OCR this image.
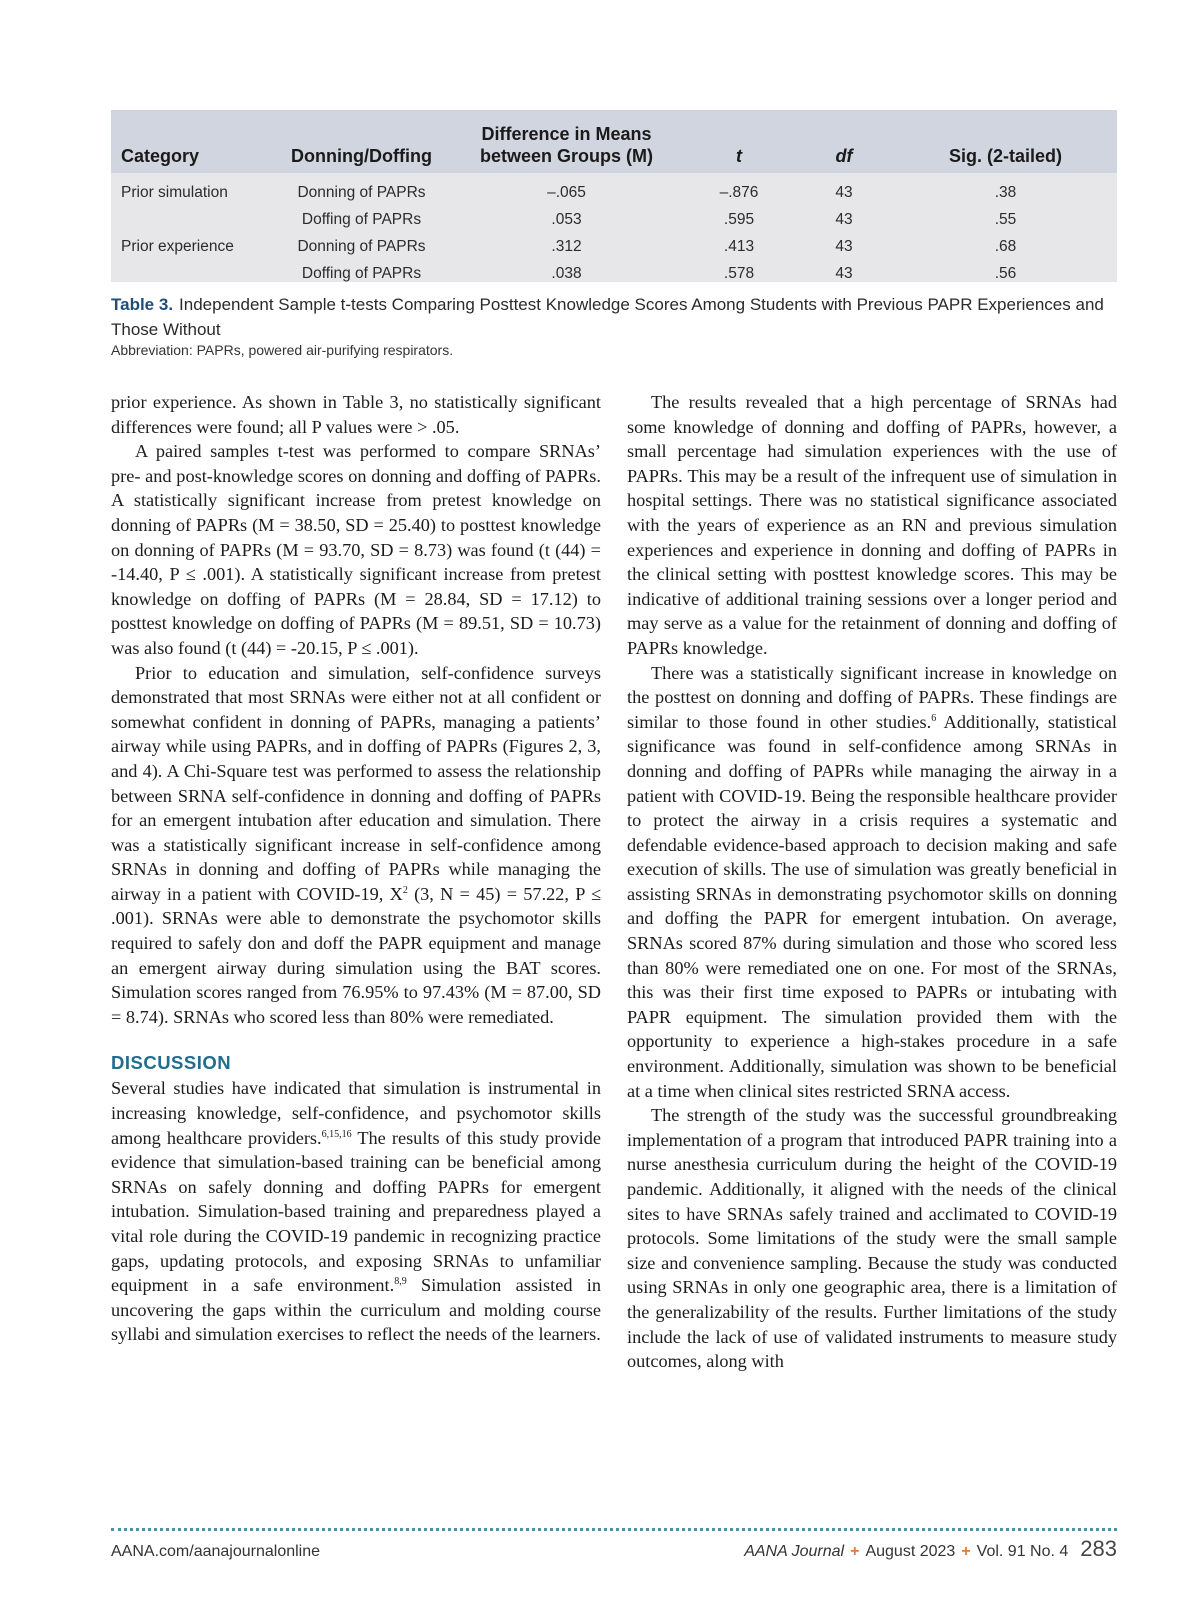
Category	Donning/Doffing	Difference in Means between Groups (M)	t	df	Sig. (2-tailed)
Prior simulation	Donning of PAPRs	–.065	–.876	43	.38
	Doffing of PAPRs	.053	.595	43	.55
Prior experience	Donning of PAPRs	.312	.413	43	.68
	Doffing of PAPRs	.038	.578	43	.56
Table 3. Independent Sample t-tests Comparing Posttest Knowledge Scores Among Students with Previous PAPR Experiences and Those Without
Abbreviation: PAPRs, powered air-purifying respirators.

prior experience. As shown in Table 3, no statistically significant differences were found; all P values were > .05.

A paired samples t-test was performed to compare SRNAs’ pre- and post-knowledge scores on donning and doffing of PAPRs. A statistically significant increase from pretest knowledge on donning of PAPRs (M = 38.50, SD = 25.40) to posttest knowledge on donning of PAPRs (M = 93.70, SD = 8.73) was found (t (44) = -14.40, P ≤ .001). A statistically significant increase from pretest knowledge on doffing of PAPRs (M = 28.84, SD = 17.12) to posttest knowledge on doffing of PAPRs (M = 89.51, SD = 10.73) was also found (t (44) = -20.15, P ≤ .001).

Prior to education and simulation, self-confidence surveys demonstrated that most SRNAs were either not at all confident or somewhat confident in donning of PAPRs, managing a patients’ airway while using PAPRs, and in doffing of PAPRs (Figures 2, 3, and 4). A Chi-Square test was performed to assess the relationship between SRNA self-confidence in donning and doffing of PAPRs for an emergent intubation after education and simulation. There was a statistically significant increase in self-confidence among SRNAs in donning and doffing of PAPRs while managing the airway in a patient with COVID-19, $X^2$ (3, N = 45) = 57.22, P ≤ .001). SRNAs were able to demonstrate the psychomotor skills required to safely don and doff the PAPR equipment and manage an emergent airway during simulation using the BAT scores. Simulation scores ranged from 76.95% to 97.43% (M = 87.00, SD = 8.74). SRNAs who scored less than 80% were remediated.

DISCUSSION

Several studies have indicated that simulation is instrumental in increasing knowledge, self-confidence, and psychomotor skills among healthcare providers.$^{6,15,16}$ The results of this study provide evidence that simulation-based training can be beneficial among SRNAs on safely donning and doffing PAPRs for emergent intubation. Simulation-based training and preparedness played a vital role during the COVID-19 pandemic in recognizing practice gaps, updating protocols, and exposing SRNAs to unfamiliar equipment in a safe environment.$^{8,9}$ Simulation assisted in uncovering the gaps within the curriculum and molding course syllabi and simulation exercises to reflect the needs of the learners.

The results revealed that a high percentage of SRNAs had some knowledge of donning and doffing of PAPRs, however, a small percentage had simulation experiences with the use of PAPRs. This may be a result of the infrequent use of simulation in hospital settings. There was no statistical significance associated with the years of experience as an RN and previous simulation experiences and experience in donning and doffing of PAPRs in the clinical setting with posttest knowledge scores. This may be indicative of additional training sessions over a longer period and may serve as a value for the retainment of donning and doffing of PAPRs knowledge.

There was a statistically significant increase in knowledge on the posttest on donning and doffing of PAPRs. These findings are similar to those found in other studies.$^6$ Additionally, statistical significance was found in self-confidence among SRNAs in donning and doffing of PAPRs while managing the airway in a patient with COVID-19. Being the responsible healthcare provider to protect the airway in a crisis requires a systematic and defendable evidence-based approach to decision making and safe execution of skills. The use of simulation was greatly beneficial in assisting SRNAs in demonstrating psychomotor skills on donning and doffing the PAPR for emergent intubation. On average, SRNAs scored 87% during simulation and those who scored less than 80% were remediated one on one. For most of the SRNAs, this was their first time exposed to PAPRs or intubating with PAPR equipment. The simulation provided them with the opportunity to experience a high-stakes procedure in a safe environment. Additionally, simulation was shown to be beneficial at a time when clinical sites restricted SRNA access.

The strength of the study was the successful groundbreaking implementation of a program that introduced PAPR training into a nurse anesthesia curriculum during the height of the COVID-19 pandemic. Additionally, it aligned with the needs of the clinical sites to have SRNAs safely trained and acclimated to COVID-19 protocols. Some limitations of the study were the small sample size and convenience sampling. Because the study was conducted using SRNAs in only one geographic area, there is a limitation of the generalizability of the results. Further limitations of the study include the lack of use of validated instruments to measure study outcomes, along with

AANA.com/aanajournalonline	AANA Journal + August 2023 + Vol. 91 No. 4 283
